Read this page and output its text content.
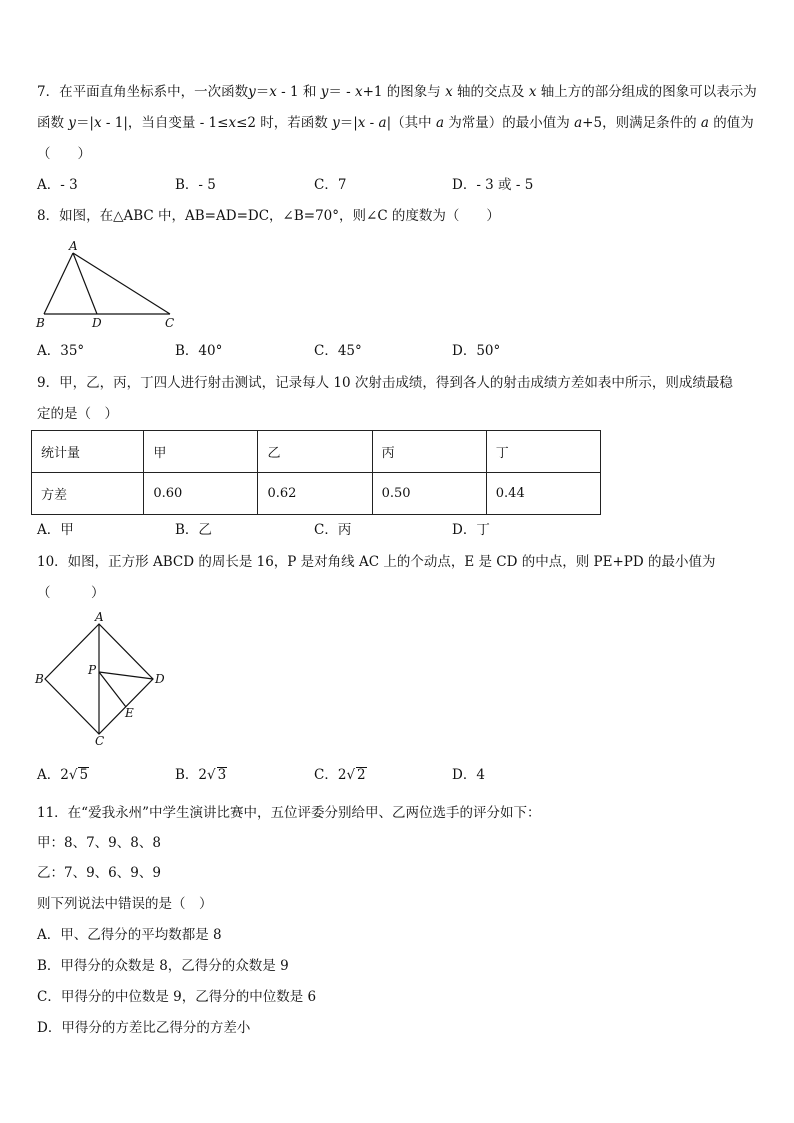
7．在平面直角坐标系中，一次函数y＝x - 1 和 y＝ - x+1 的图象与 x 轴的交点及 x 轴上方的部分组成的图象可以表示为
函数 y＝|x - 1|，当自变量 - 1≤x≤2 时，若函数 y＝|x - a|（其中 a 为常量）的最小值为 a+5，则满足条件的 a 的值为
（　　）
A．- 3	B．- 5	C．7	D．- 3 或 - 5
8．如图，在△ABC 中，AB=AD=DC，∠B=70°，则∠C 的度数为（　　）
A
B	D	C
A．35°	B．40°	C．45°	D．50°
9．甲，乙，丙，丁四人进行射击测试，记录每人 10 次射击成绩，得到各人的射击成绩方差如表中所示，则成绩最稳
定的是（　）
统计量	甲	乙	丙	丁
方差	0.60	0.62	0.50	0.44
A．甲	B．乙	C．丙	D．丁
10．如图，正方形 ABCD 的周长是 16，P 是对角线 AC 上的个动点，E 是 CD 的中点，则 PE+PD 的最小值为
（　　　）
A
B	D
C
P
E
A．2√ 5	B．2√ 3	C．2√ 2	D．4
11．在“爱我永州”中学生演讲比赛中，五位评委分别给甲、乙两位选手的评分如下：
甲：8、7、9、8、8
乙：7、9、6、9、9
则下列说法中错误的是（　）
A．甲、乙得分的平均数都是 8
B．甲得分的众数是 8，乙得分的众数是 9
C．甲得分的中位数是 9，乙得分的中位数是 6
D．甲得分的方差比乙得分的方差小
